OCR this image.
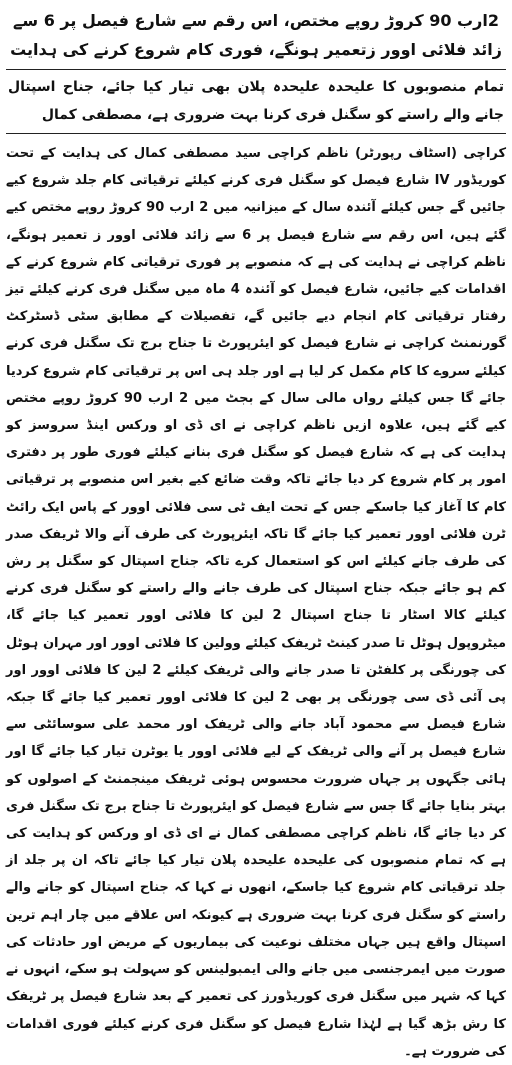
2ارب 90 کروڑ روپے مختص، اس رقم سے شارع فیصل پر 6 سے زائد فلائی اوور زتعمیر ہونگے، فوری کام شروع کرنے کی ہدایت
تمام منصوبوں کا علیحدہ علیحدہ پلان بھی تیار کیا جائے، جناح اسپتال جانے والے راستے کو سگنل فری کرنا بہت ضروری ہے، مصطفی کمال

کراچی (اسٹاف رپورٹر) ناظم کراچی سید مصطفی کمال کی ہدایت کے تحت کوریڈور IV شارع فیصل کو سگنل فری کرنے کیلئے ترقیاتی کام جلد شروع کیے جائیں گے جس کیلئے آئندہ سال کے میزانیہ میں 2 ارب 90 کروڑ روپے مختص کیے گئے ہیں، اس رقم سے شارع فیصل پر 6 سے زائد فلائی اوور ز تعمیر ہونگے، ناظم کراچی نے ہدایت کی ہے کہ منصوبے پر فوری ترقیاتی کام شروع کرنے کے اقدامات کیے جائیں، شارع فیصل کو آئندہ 4 ماہ میں سگنل فری کرنے کیلئے تیز رفتار ترقیاتی کام انجام دیے جائیں گے، تفصیلات کے مطابق سٹی ڈسٹرکٹ گورنمنٹ کراچی نے شارع فیصل کو ایئرپورٹ تا جناح برج تک سگنل فری کرنے کیلئے سروے کا کام مکمل کر لیا ہے اور جلد ہی اس پر ترقیاتی کام شروع کردیا جائے گا جس کیلئے رواں مالی سال کے بجٹ میں 2 ارب 90 کروڑ روپے مختص کیے گئے ہیں، علاوہ ازیں ناظم کراچی نے ای ڈی او ورکس اینڈ سروسز کو ہدایت کی ہے کہ شارع فیصل کو سگنل فری بنانے کیلئے فوری طور پر دفتری امور پر کام شروع کر دیا جائے تاکہ وقت ضائع کیے بغیر اس منصوبے پر ترقیاتی کام کا آغاز کیا جاسکے جس کے تحت ایف ٹی سی فلائی اوور کے پاس ایک رائٹ ٹرن فلائی اوور تعمیر کیا جائے گا تاکہ ایئرپورٹ کی طرف آنے والا ٹریفک صدر کی طرف جانے کیلئے اس کو استعمال کرے تاکہ جناح اسپتال کو سگنل پر رش کم ہو جائے جبکہ جناح اسپتال کی طرف جانے والے راستے کو سگنل فری کرنے کیلئے کالا اسٹار تا جناح اسپتال 2 لین کا فلائی اوور تعمیر کیا جائے گا، میٹروپول ہوٹل تا صدر کینٹ ٹریفک کیلئے وولین کا فلائی اوور اور مہران ہوٹل کی چورنگی پر کلفٹن تا صدر جانے والی ٹریفک کیلئے 2 لین کا فلائی اوور اور پی آئی ڈی سی چورنگی پر بھی 2 لین کا فلائی اوور تعمیر کیا جائے گا جبکہ شارع فیصل سے محمود آباد جانے والی ٹریفک اور محمد علی سوسائٹی سے شارع فیصل پر آنے والی ٹریفک کے لیے فلائی اوور یا یوٹرن تیار کیا جائے گا اور ہائی جگہوں پر جہاں ضرورت محسوس ہوئی ٹریفک مینجمنٹ کے اصولوں کو بہتر بنایا جائے گا جس سے شارع فیصل کو ایئرپورٹ تا جناح برج تک سگنل فری کر دیا جائے گا، ناظم کراچی مصطفی کمال نے ای ڈی او ورکس کو ہدایت کی ہے کہ تمام منصوبوں کی علیحدہ علیحدہ پلان تیار کیا جائے تاکہ ان پر جلد از جلد ترقیاتی کام شروع کیا جاسکے، انھوں نے کہا کہ جناح اسپتال کو جانے والے راستے کو سگنل فری کرنا بہت ضروری ہے کیونکہ اس علاقے میں چار اہم ترین اسپتال واقع ہیں جہاں مختلف نوعیت کی بیماریوں کے مریض اور حادثات کی صورت میں ایمرجنسی میں جانے والی ایمبولینس کو سہولت ہو سکے، انہوں نے کہا کہ شہر میں سگنل فری کوریڈورز کی تعمیر کے بعد شارع فیصل پر ٹریفک کا رش بڑھ گیا ہے لہٰذا شارع فیصل کو سگنل فری کرنے کیلئے فوری اقدامات کی ضرورت ہے۔
